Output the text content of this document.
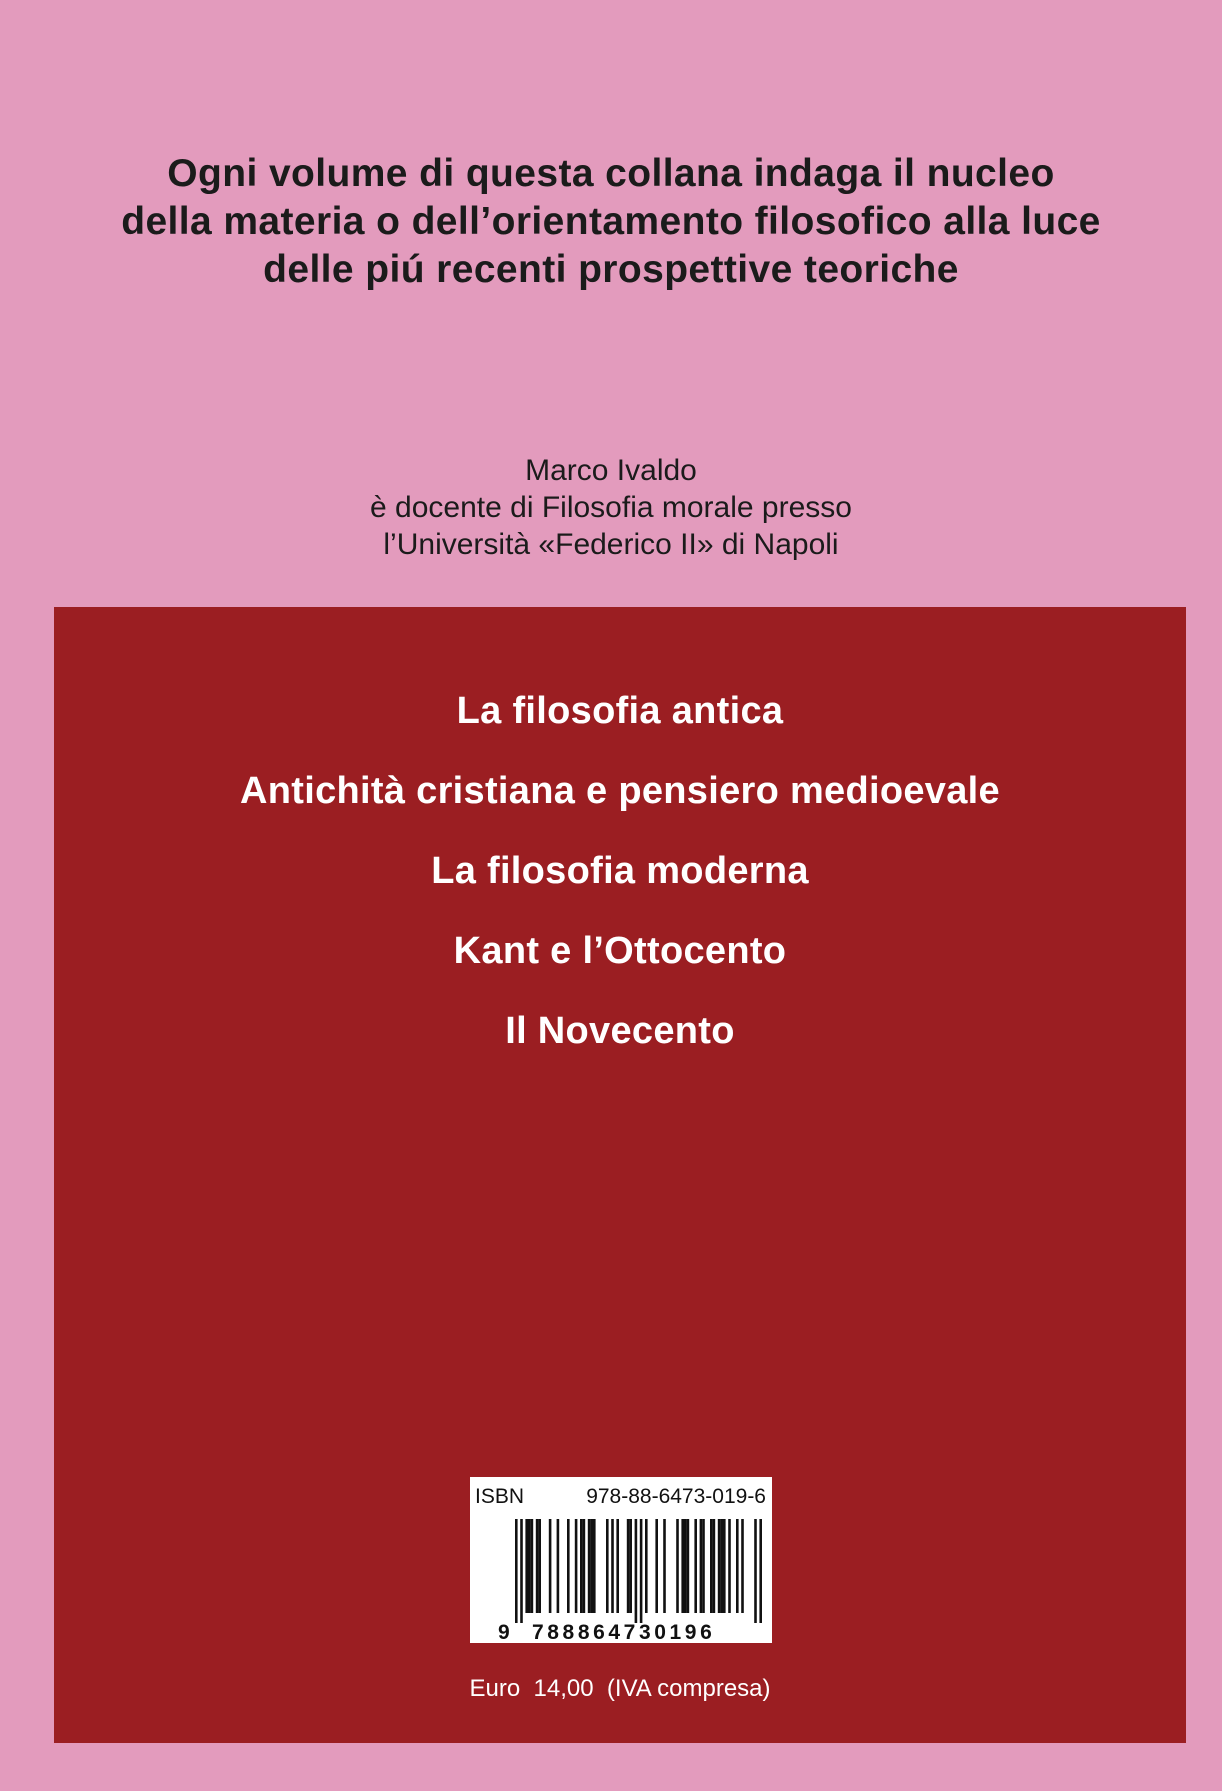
Ogni volume di questa collana indaga il nucleo
della materia o dell’orientamento filosofico alla luce
delle piú recenti prospettive teoriche
Marco Ivaldo
è docente di Filosofia morale presso
l’Università «Federico II» di Napoli
La filosofia antica
Antichità cristiana e pensiero medioevale
La filosofia moderna
Kant e l’Ottocento
Il Novecento
ISBN	978-88-6473-019-6
9 788864730196
Euro  14,00  (IVA compresa)
